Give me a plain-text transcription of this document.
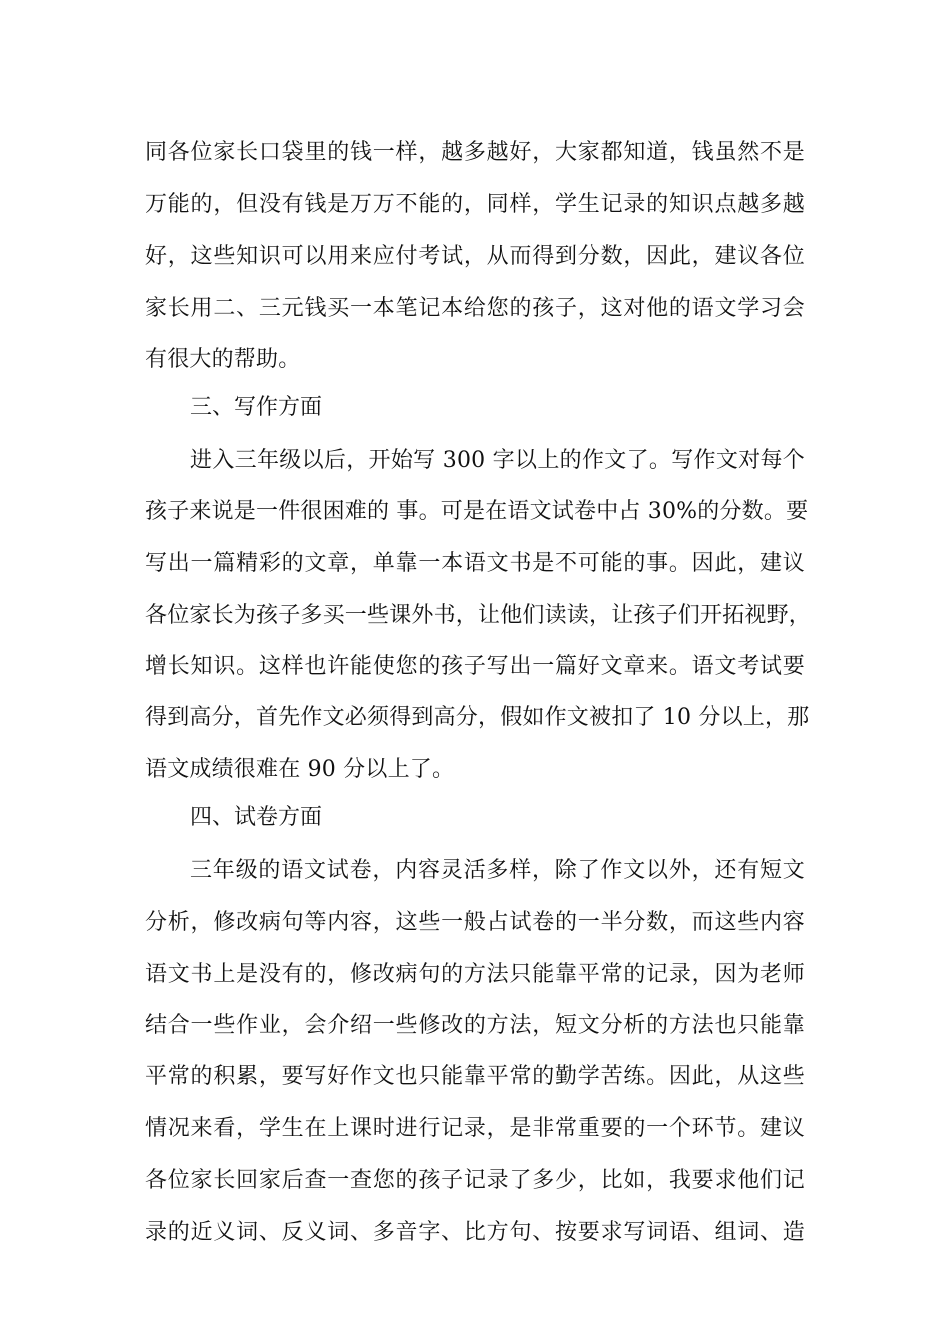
同各位家长口袋里的钱一样，越多越好，大家都知道，钱虽然不是
万能的，但没有钱是万万不能的，同样，学生记录的知识点越多越
好，这些知识可以用来应付考试，从而得到分数，因此，建议各位
家长用二、三元钱买一本笔记本给您的孩子，这对他的语文学习会
有很大的帮助。
三、写作方面
进入三年级以后，开始写 300 字以上的作文了。写作文对每个
孩子来说是一件很困难的 事。可是在语文试卷中占 30%的分数。要
写出一篇精彩的文章，单靠一本语文书是不可能的事。因此，建议
各位家长为孩子多买一些课外书，让他们读读，让孩子们开拓视野，
增长知识。这样也许能使您的孩子写出一篇好文章来。语文考试要
得到高分，首先作文必须得到高分，假如作文被扣了 10 分以上，那
语文成绩很难在 90 分以上了。
四、试卷方面
三年级的语文试卷，内容灵活多样，除了作文以外，还有短文
分析，修改病句等内容，这些一般占试卷的一半分数，而这些内容
语文书上是没有的，修改病句的方法只能靠平常的记录，因为老师
结合一些作业，会介绍一些修改的方法，短文分析的方法也只能靠
平常的积累，要写好作文也只能靠平常的勤学苦练。因此，从这些
情况来看，学生在上课时进行记录，是非常重要的一个环节。建议
各位家长回家后查一查您的孩子记录了多少，比如，我要求他们记
录的近义词、反义词、多音字、比方句、按要求写词语、组词、造
